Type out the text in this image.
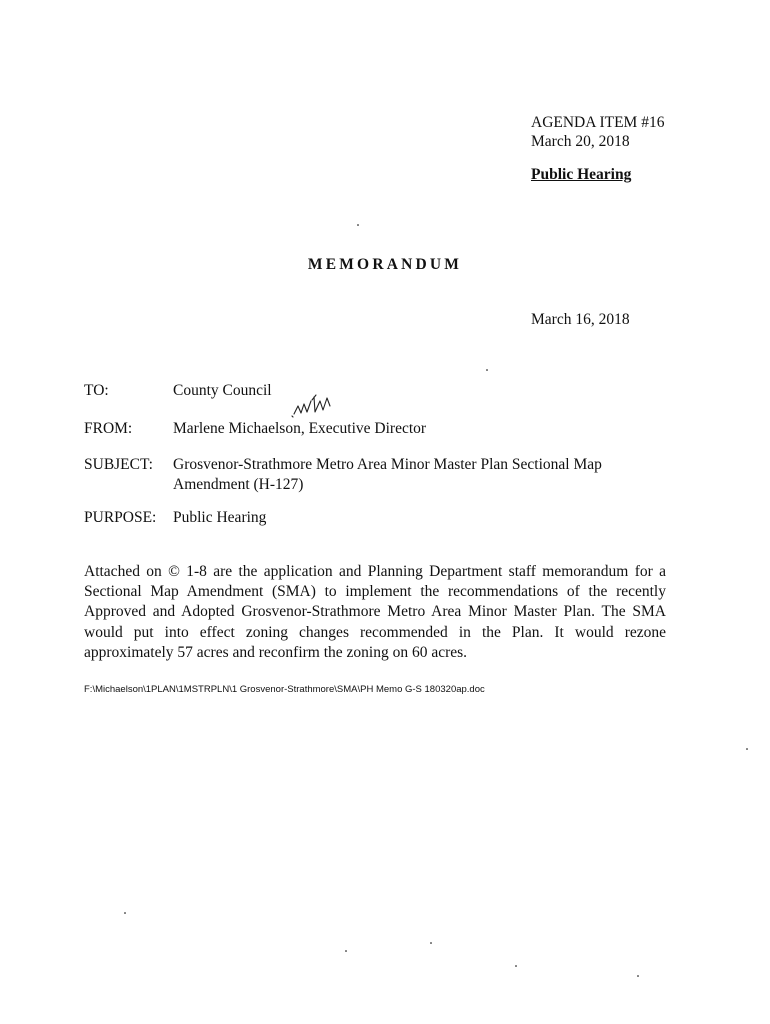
AGENDA ITEM #16
March 20, 2018
Public Hearing
MEMORANDUM
March 16, 2018
TO:	County Council
FROM:	Marlene Michaelson, Executive Director
SUBJECT: Grosvenor-Strathmore Metro Area Minor Master Plan Sectional Map Amendment (H-127)
PURPOSE: Public Hearing

Attached on © 1-8 are the application and Planning Department staff memorandum for a Sectional Map Amendment (SMA) to implement the recommendations of the recently Approved and Adopted Grosvenor-Strathmore Metro Area Minor Master Plan. The SMA would put into effect zoning changes recommended in the Plan. It would rezone approximately 57 acres and reconfirm the zoning on 60 acres.

F:\Michaelson\1PLAN\1MSTRPLN\1 Grosvenor-Strathmore\SMA\PH Memo G-S 180320ap.doc
